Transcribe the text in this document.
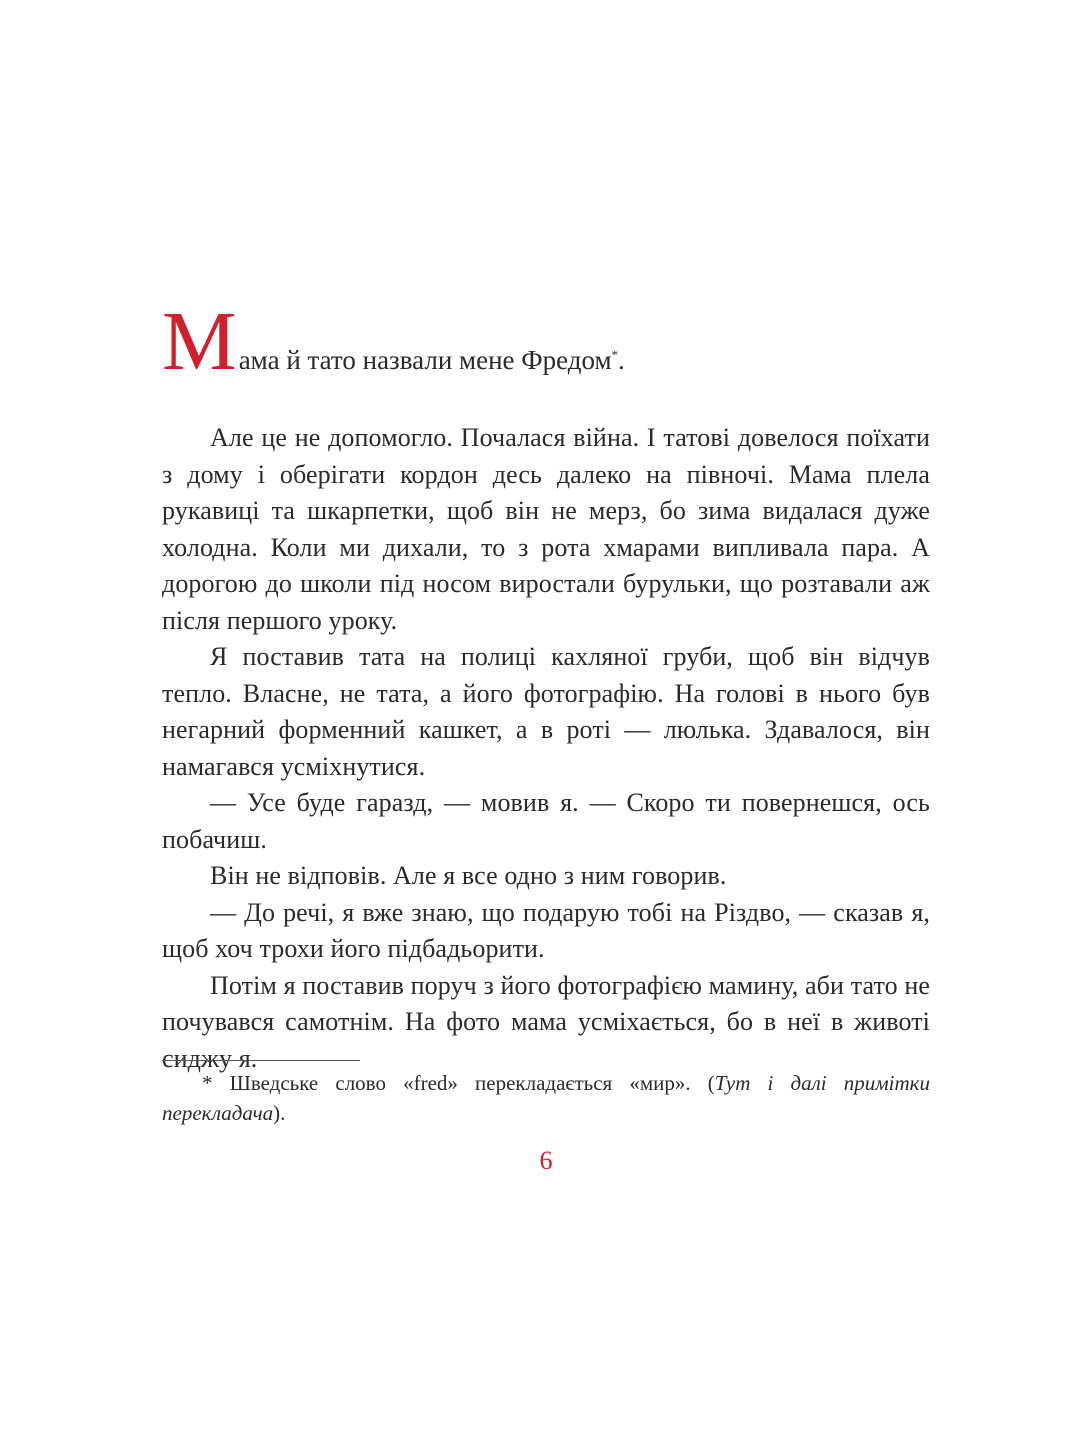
М ама й тато назвали мене Фредом*.

Але це не допомогло. Почалася війна. І татові довелося поїхати з дому і оберігати кордон десь далеко на півночі. Мама плела рукавиці та шкарпетки, щоб він не мерз, бо зима видалася дуже холодна. Коли ми дихали, то з рота хмарами випливала пара. А дорогою до школи під носом виростали бурульки, що розтавали аж після першого уроку.

Я поставив тата на полиці кахляної груби, щоб він відчув тепло. Власне, не тата, а його фотографію. На голові в нього був негарний форменний кашкет, а в роті — люлька. Здавалося, він намагався усміхнутися.

— Усе буде гаразд, — мовив я. — Скоро ти повернешся, ось побачиш.

Він не відповів. Але я все одно з ним говорив.

— До речі, я вже знаю, що подарую тобі на Різдво, — сказав я, щоб хоч трохи його підбадьорити.

Потім я поставив поруч з його фотографією мамину, аби тато не почувався самотнім. На фото мама усміхається, бо в неї в животі сиджу я.

* Шведське слово «fred» перекладається «мир». (Тут і далі примітки перекладача).

6
